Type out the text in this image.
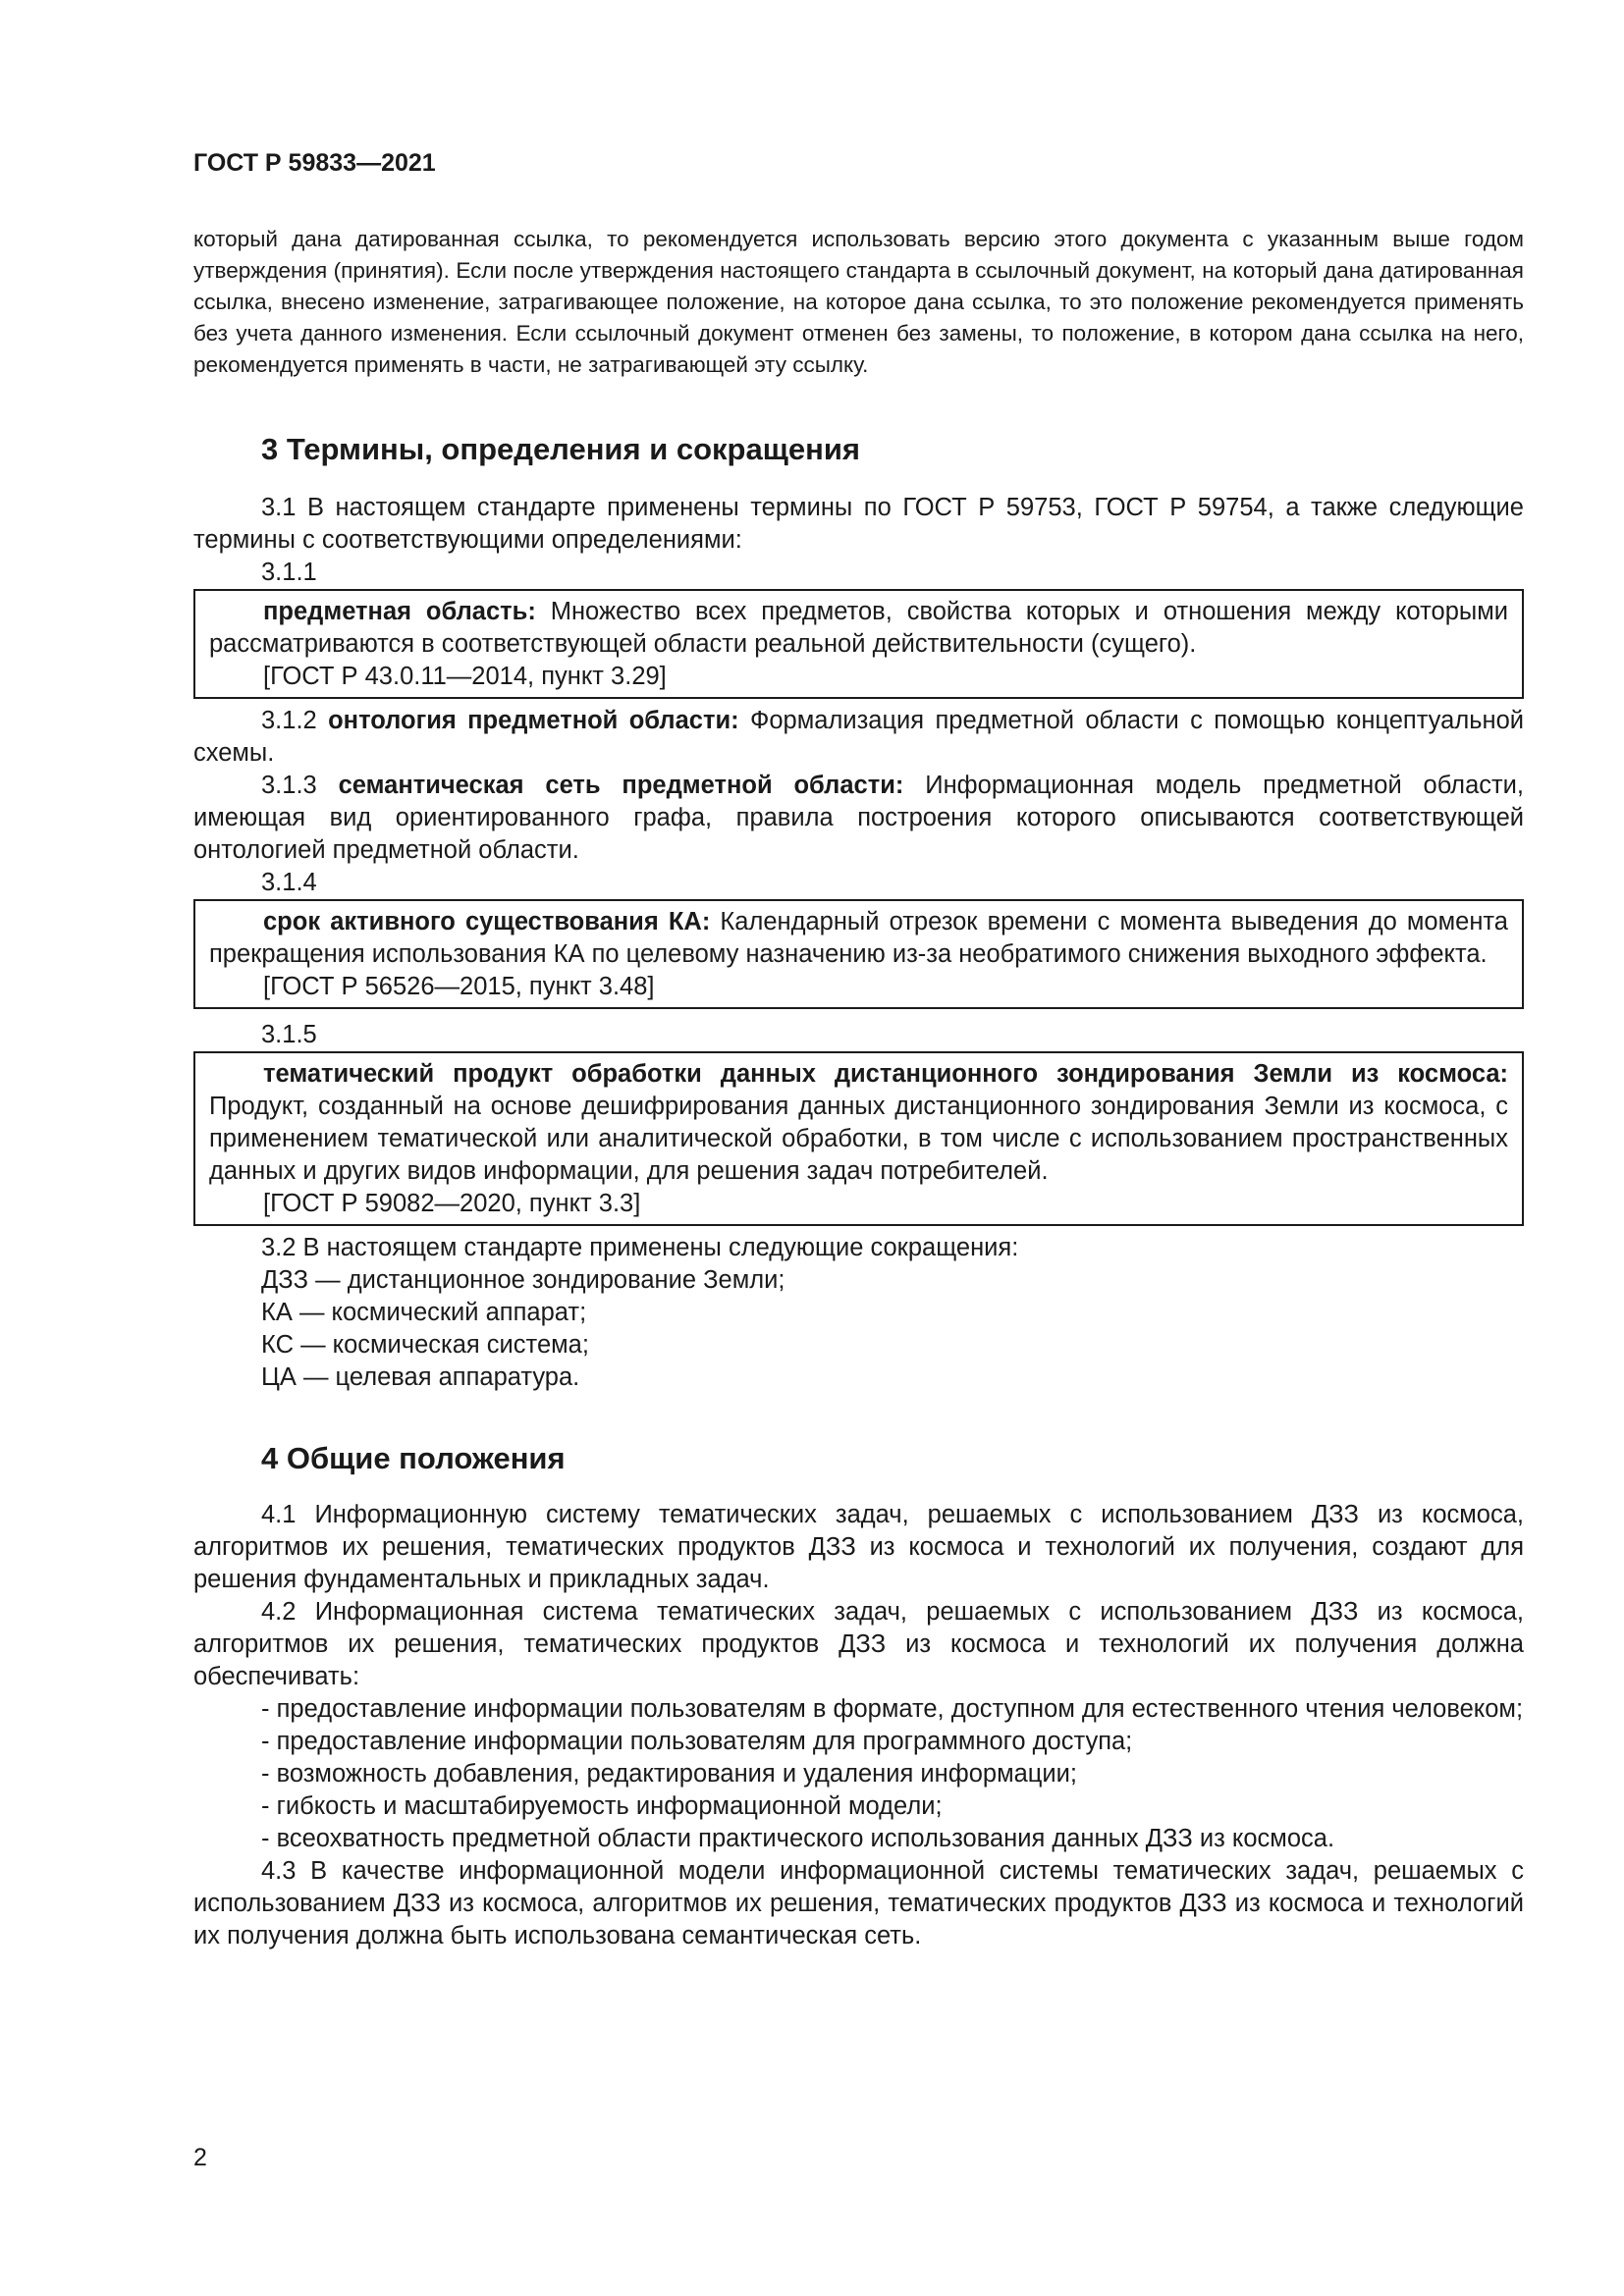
ГОСТ Р 59833—2021

который дана датированная ссылка, то рекомендуется использовать версию этого документа с указанным выше годом утверждения (принятия). Если после утверждения настоящего стандарта в ссылочный документ, на который дана датированная ссылка, внесено изменение, затрагивающее положение, на которое дана ссылка, то это положение рекомендуется применять без учета данного изменения. Если ссылочный документ отменен без замены, то положение, в котором дана ссылка на него, рекомендуется применять в части, не затрагивающей эту ссылку.

3 Термины, определения и сокращения

3.1 В настоящем стандарте применены термины по ГОСТ Р 59753, ГОСТ Р 59754, а также следующие термины с соответствующими определениями:

3.1.1

предметная область: Множество всех предметов, свойства которых и отношения между которыми рассматриваются в соответствующей области реальной действительности (сущего).

[ГОСТ Р 43.0.11—2014, пункт 3.29]

3.1.2 онтология предметной области: Формализация предметной области с помощью концептуальной схемы.

3.1.3 семантическая сеть предметной области: Информационная модель предметной области, имеющая вид ориентированного графа, правила построения которого описываются соответствующей онтологией предметной области.

3.1.4

срок активного существования КА: Календарный отрезок времени с момента выведения до момента прекращения использования КА по целевому назначению из-за необратимого снижения выходного эффекта.

[ГОСТ Р 56526—2015, пункт 3.48]

3.1.5

тематический продукт обработки данных дистанционного зондирования Земли из космоса: Продукт, созданный на основе дешифрирования данных дистанционного зондирования Земли из космоса, с применением тематической или аналитической обработки, в том числе с использованием пространственных данных и других видов информации, для решения задач потребителей.

[ГОСТ Р 59082—2020, пункт 3.3]

3.2 В настоящем стандарте применены следующие сокращения:

ДЗЗ — дистанционное зондирование Земли;

КА — космический аппарат;

КС — космическая система;

ЦА — целевая аппаратура.

4 Общие положения

4.1 Информационную систему тематических задач, решаемых с использованием ДЗЗ из космоса, алгоритмов их решения, тематических продуктов ДЗЗ из космоса и технологий их получения, создают для решения фундаментальных и прикладных задач.

4.2 Информационная система тематических задач, решаемых с использованием ДЗЗ из космоса, алгоритмов их решения, тематических продуктов ДЗЗ из космоса и технологий их получения должна обеспечивать:

- предоставление информации пользователям в формате, доступном для естественного чтения человеком;

- предоставление информации пользователям для программного доступа;

- возможность добавления, редактирования и удаления информации;

- гибкость и масштабируемость информационной модели;

- всеохватность предметной области практического использования данных ДЗЗ из космоса.

4.3 В качестве информационной модели информационной системы тематических задач, решаемых с использованием ДЗЗ из космоса, алгоритмов их решения, тематических продуктов ДЗЗ из космоса и технологий их получения должна быть использована семантическая сеть.

2
